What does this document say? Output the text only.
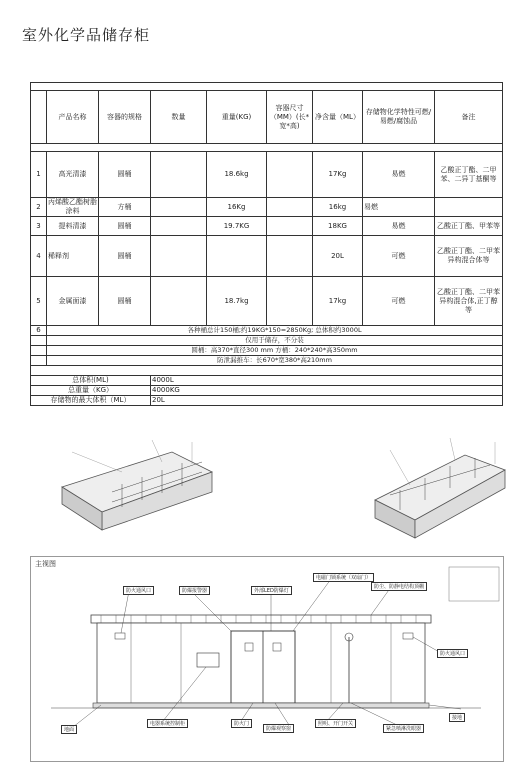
室外化学品储存柜

	产品名称	容器的规格	数量	重量(KG)	容器尺寸（MM）(长*宽*高)	净含量（ML）	存储物化学特性可燃/易燃/腐蚀品	备注

1	高光清漆	圆桶		18.6kg		17Kg	易燃	乙酸正丁酯、二甲苯、二异丁基酮等
2	丙烯酸乙酯树脂涂料	方桶		16Kg		16kg	易燃	
3	提料清漆	圆桶		19.7KG		18KG	易燃	乙酸正丁酯、甲苯等
4	稀释剂	圆桶				20L	可燃	乙酸正丁酯、二甲苯异构混合体等
5	金属面漆	圆桶		18.7kg		17kg	可燃	乙酸正丁酯、二甲苯异构混合体,正丁醇等
6	各种桶总计150桶;约19KG*150=2850Kg; 总体积约3000L							
	仅用于储存，不分装							
	圆桶：高370*直径300 mm 方桶：240*240*高350mm							
	防泄漏推车：长670*宽380*高210mm							

总体积(ML)			4000L					
总重量（KG）			4000KG					
存储物的最大体积（ML）			20L					
主视图
防火通风口	防爆报警器	外部LED防爆灯
电磁门锁系统（双扇门）
防尘、防静电结构顶棚
防火通风口
地面
电器系统控制柜	防火门
防爆观察窗
照明、开门开关
紧急喷淋洗眼器
接地
